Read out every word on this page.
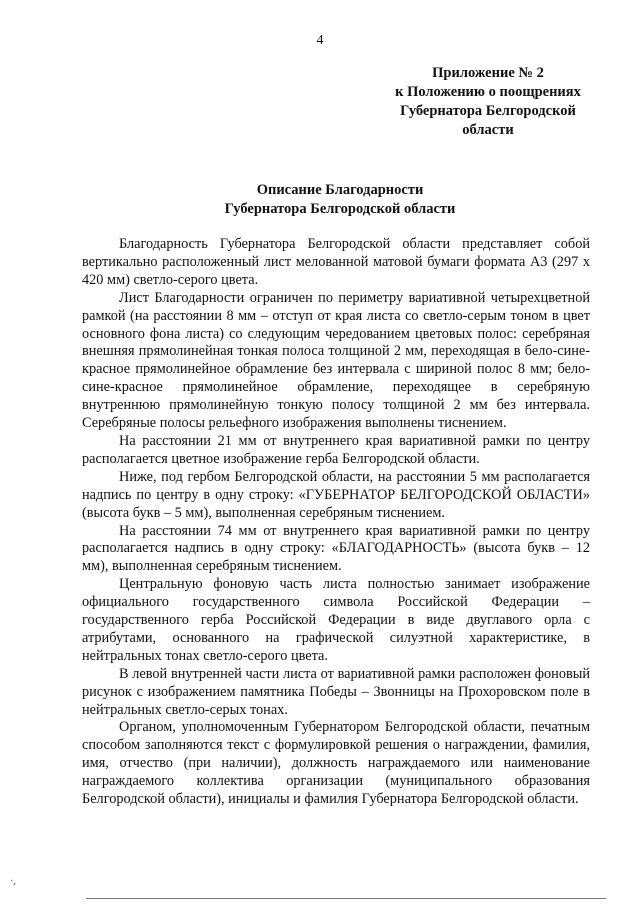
4
Приложение № 2
к Положению о поощрениях
Губернатора Белгородской
области
Описание Благодарности
Губернатора Белгородской области

Благодарность Губернатора Белгородской области представляет собой вертикально расположенный лист мелованной матовой бумаги формата А3 (297 х 420 мм) светло-серого цвета.

Лист Благодарности ограничен по периметру вариативной четырехцветной рамкой (на расстоянии 8 мм – отступ от края листа со светло-серым тоном в цвет основного фона листа) со следующим чередованием цветовых полос: серебряная внешняя прямолинейная тонкая полоса толщиной 2 мм, переходящая в бело-сине-красное прямолинейное обрамление без интервала с шириной полос 8 мм; бело-сине-красное прямолинейное обрамление, переходящее в серебряную внутреннюю прямолинейную тонкую полосу толщиной 2 мм без интервала. Серебряные полосы рельефного изображения выполнены тиснением.

На расстоянии 21 мм от внутреннего края вариативной рамки по центру располагается цветное изображение герба Белгородской области.

Ниже, под гербом Белгородской области, на расстоянии 5 мм располагается надпись по центру в одну строку: «ГУБЕРНАТОР БЕЛГОРОДСКОЙ ОБЛАСТИ» (высота букв – 5 мм), выполненная серебряным тиснением.

На расстоянии 74 мм от внутреннего края вариативной рамки по центру располагается надпись в одну строку: «БЛАГОДАРНОСТЬ» (высота букв – 12 мм), выполненная серебряным тиснением.

Центральную фоновую часть листа полностью занимает изображение официального государственного символа Российской Федерации – государственного герба Российской Федерации в виде двуглавого орла с атрибутами, основанного на графической силуэтной характеристике, в нейтральных тонах светло-серого цвета.

В левой внутренней части листа от вариативной рамки расположен фоновый рисунок с изображением памятника Победы – Звонницы на Прохоровском поле в нейтральных светло-серых тонах.

Органом, уполномоченным Губернатором Белгородской области, печатным способом заполняются текст с формулировкой решения о награждении, фамилия, имя, отчество (при наличии), должность награждаемого или наименование награждаемого коллектива организации (муниципального образования Белгородской области), инициалы и фамилия Губернатора Белгородской области.

·,
